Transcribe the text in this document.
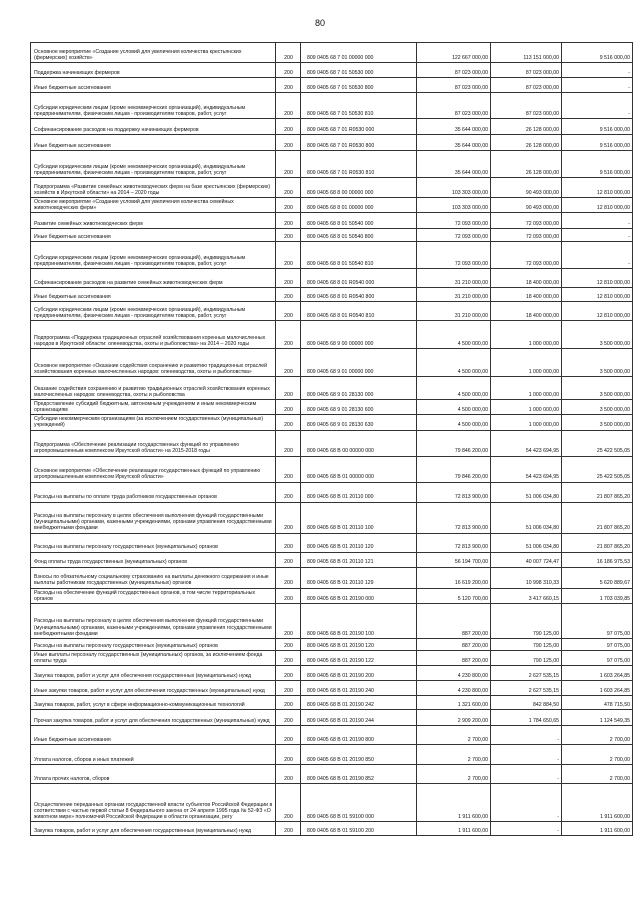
80
Основное мероприятие «Создание условий для увеличения количества крестьянских (фермерских) хозяйств»	200	809 0405 68 7 01 00000 000	122 667 000,00	113 151 000,00	9 516 000,00
Поддержка начинающих фермеров	200	809 0405 68 7 01 50530 000	87 023 000,00	87 023 000,00	-
Иные бюджетные ассигнования	200	809 0405 68 7 01 50530 800	87 023 000,00	87 023 000,00	-
Субсидии юридическим лицам (кроме некоммерческих организаций), индивидуальным предпринимателям, физическим лицам - производителям товаров, работ, услуг	200	809 0405 68 7 01 50530 810	87 023 000,00	87 023 000,00	-
Софинансирование расходов на поддержку начинающих фермеров	200	809 0405 68 7 01 R0530 000	35 644 000,00	26 128 000,00	9 516 000,00
Иные бюджетные ассигнования	200	809 0405 68 7 01 R0530 800	35 644 000,00	26 128 000,00	9 516 000,00
Субсидии юридическим лицам (кроме некоммерческих организаций), индивидуальным предпринимателям, физическим лицам - производителям товаров, работ, услуг	200	809 0405 68 7 01 R0530 810	35 644 000,00	26 128 000,00	9 516 000,00
Подпрограмма «Развитие семейных животноводческих ферм на базе крестьянских (фермерских) хозяйств в Иркутской области» на 2014 – 2020 годы	200	809 0405 68 8 00 00000 000	103 303 000,00	90 493 000,00	12 810 000,00
Основное мероприятие «Создание условий для увеличения количества семейных животноводческих ферм»	200	809 0405 68 8 01 00000 000	103 303 000,00	90 493 000,00	12 810 000,00
Развитие семейных животноводческих ферм	200	809 0405 68 8 01 50540 000	72 093 000,00	72 093 000,00	-
Иные бюджетные ассигнования	200	809 0405 68 8 01 50540 800	72 093 000,00	72 093 000,00	-
Субсидии юридическим лицам (кроме некоммерческих организаций), индивидуальным предпринимателям, физическим лицам - производителям товаров, работ, услуг	200	809 0405 68 8 01 50540 810	72 093 000,00	72 093 000,00	-
Софинансирование расходов на развитие семейных животноводческих ферм	200	809 0405 68 8 01 R0540 000	31 210 000,00	18 400 000,00	12 810 000,00
Иные бюджетные ассигнования	200	809 0405 68 8 01 R0540 800	31 210 000,00	18 400 000,00	12 810 000,00
Субсидии юридическим лицам (кроме некоммерческих организаций), индивидуальным предпринимателям, физическим лицам - производителям товаров, работ, услуг	200	809 0405 68 8 01 R0540 810	31 210 000,00	18 400 000,00	12 810 000,00
Подпрограмма «Поддержка традиционных отраслей хозяйствования коренных малочисленных народов в Иркутской области: оленеводства, охоты и рыболовства» на 2014 – 2020 годы	200	809 0405 68 9 00 00000 000	4 500 000,00	1 000 000,00	3 500 000,00
Основное мероприятие «Оказание содействия сохранению и развитию традиционных отраслей хозяйствования коренных малочисленных народов: оленеводства, охоты и рыболовства»	200	809 0405 68 9 01 00000 000	4 500 000,00	1 000 000,00	3 500 000,00
Оказание содействия сохранению и развитию традиционных отраслей хозяйствования коренных малочисленных народов: оленеводства, охоты и рыболовства	200	809 0405 68 9 01 28130 000	4 500 000,00	1 000 000,00	3 500 000,00
Предоставление субсидий бюджетным, автономным учреждениям и иным некоммерческим организациям	200	809 0405 68 9 01 28130 600	4 500 000,00	1 000 000,00	3 500 000,00
Субсидии некоммерческим организациям (за исключением государственных (муниципальных) учреждений)	200	809 0405 68 9 01 28130 630	4 500 000,00	1 000 000,00	3 500 000,00
Подпрограмма «Обеспечение реализации государственных функций по управлению агропромышленным комплексом Иркутской области» на 2015-2018 годы	200	809 0405 68 В 00 00000 000	79 846 200,00	54 423 694,95	25 422 505,05
Основное мероприятие «Обеспечение реализации государственных функций по управлению агропромышленным комплексом Иркутской области»	200	809 0405 68 В 01 00000 000	79 846 200,00	54 423 694,95	25 422 505,05
Расходы на выплаты по оплате труда работников государственных органов	200	809 0405 68 В 01 20110 000	72 813 900,00	51 006 034,80	21 807 865,20
Расходы на выплаты персоналу в целях обеспечения выполнения функций государственными (муниципальными) органами, казенными учреждениями, органами управления государственными внебюджетными фондами	200	809 0405 68 В 01 20110 100	72 813 900,00	51 006 034,80	21 807 865,20
Расходы на выплаты персоналу государственных (муниципальных) органов	200	809 0405 68 В 01 20110 120	72 813 900,00	51 006 034,80	21 807 865,20
Фонд оплаты труда государственных (муниципальных) органов	200	809 0405 68 В 01 20110 121	56 194 700,00	40 007 724,47	16 186 975,53
Взносы по обязательному социальному страхованию на выплаты денежного содержания и иные выплаты работникам государственных (муниципальных) органов	200	809 0405 68 В 01 20110 129	16 619 200,00	10 998 310,33	5 620 889,67
Расходы на обеспечение функций государственных органов, в том числе территориальных органов	200	809 0405 68 В 01 20190 000	5 120 700,00	3 417 660,15	1 703 039,85
Расходы на выплаты персоналу в целях обеспечения выполнения функций государственными (муниципальными) органами, казенными учреждениями, органами управления государственными внебюджетными фондами	200	809 0405 68 В 01 20190 100	887 200,00	790 125,00	97 075,00
Расходы на выплаты персоналу государственных (муниципальных) органов	200	809 0405 68 В 01 20190 120	887 200,00	790 125,00	97 075,00
Иные выплаты персоналу государственных (муниципальных) органов, за исключением фонда оплаты труда	200	809 0405 68 В 01 20190 122	887 200,00	790 125,00	97 075,00
Закупка товаров, работ и услуг для обеспечения государственных (муниципальных) нужд	200	809 0405 68 В 01 20190 200	4 230 800,00	2 627 535,15	1 603 264,85
Иные закупки товаров, работ и услуг для обеспечения государственных (муниципальных) нужд	200	809 0405 68 В 01 20190 240	4 230 800,00	2 627 535,15	1 603 264,85
Закупка товаров, работ, услуг в сфере информационно-коммуникационных технологий	200	809 0405 68 В 01 20190 242	1 321 600,00	842 884,50	478 715,50
Прочая закупка товаров, работ и услуг для обеспечения государственных (муниципальных) нужд	200	809 0405 68 В 01 20190 244	2 909 200,00	1 784 650,65	1 124 549,35
Иные бюджетные ассигнования	200	809 0405 68 В 01 20190 800	2 700,00	-	2 700,00
Уплата налогов, сборов и иных платежей	200	809 0405 68 В 01 20190 850	2 700,00	-	2 700,00
Уплата прочих налогов, сборов	200	809 0405 68 В 01 20190 852	2 700,00	-	2 700,00
Осуществление переданных органам государственной власти субъектов Российской Федерации в соответствии с частью первой статьи 8 Федерального закона от 24 апреля 1995 года № 52-ФЗ «О животном мире» полномочий Российской Федерации в области организации, регу	200	809 0405 68 В 01 59100 000	1 911 600,00	-	1 911 600,00
Закупка товаров, работ и услуг для обеспечения государственных (муниципальных) нужд	200	809 0405 68 В 01 59100 200	1 911 600,00	-	1 911 600,00
